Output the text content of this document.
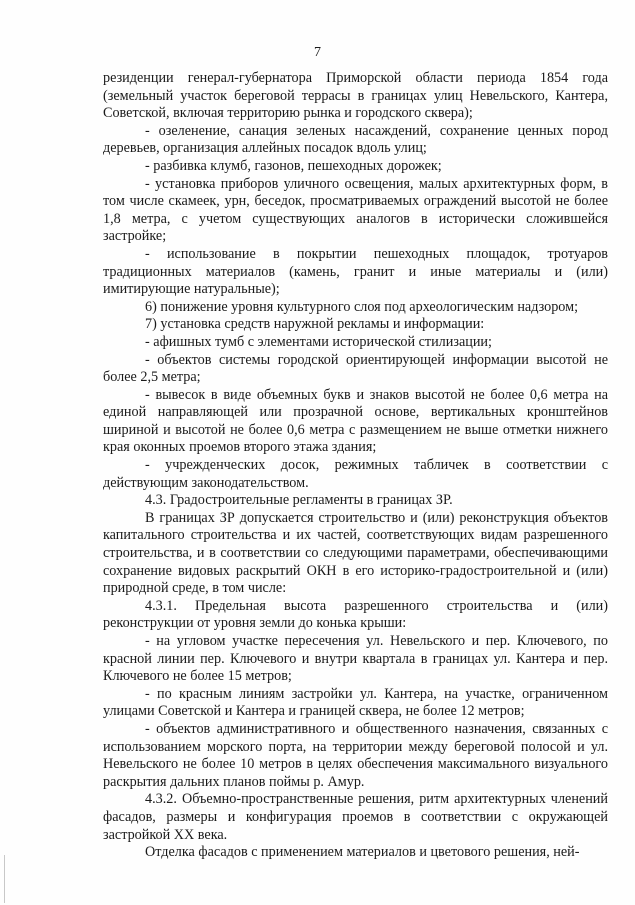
7

резиденции генерал-губернатора Приморской области периода 1854 года (земельный участок береговой террасы в границах улиц Невельского, Кантера, Советской, включая территорию рынка и городского сквера);

- озеленение, санация зеленых насаждений, сохранение ценных пород деревьев, организация аллейных посадок вдоль улиц;

- разбивка клумб, газонов, пешеходных дорожек;

- установка приборов уличного освещения, малых архитектурных форм, в том числе скамеек, урн, беседок, просматриваемых ограждений высотой не более 1,8 метра, с учетом существующих аналогов в исторически сложившейся застройке;

- использование в покрытии пешеходных площадок, тротуаров традиционных материалов (камень, гранит и иные материалы и (или) имитирующие натуральные);

6) понижение уровня культурного слоя под археологическим надзором;

7) установка средств наружной рекламы и информации:

- афишных тумб с элементами исторической стилизации;

- объектов системы городской ориентирующей информации высотой не более 2,5 метра;

- вывесок в виде объемных букв и знаков высотой не более 0,6 метра на единой направляющей или прозрачной основе, вертикальных кронштейнов шириной и высотой не более 0,6 метра с размещением не выше отметки нижнего края оконных проемов второго этажа здания;

- учрежденческих досок, режимных табличек в соответствии с действующим законодательством.

4.3. Градостроительные регламенты в границах ЗР.

В границах ЗР допускается строительство и (или) реконструкция объектов капитального строительства и их частей, соответствующих видам разрешенного строительства, и в соответствии со следующими параметрами, обеспечивающими сохранение видовых раскрытий ОКН в его историко-градостроительной и (или) природной среде, в том числе:

4.3.1. Предельная высота разрешенного строительства и (или) реконструкции от уровня земли до конька крыши:

- на угловом участке пересечения ул. Невельского и пер. Ключевого, по красной линии пер. Ключевого и внутри квартала в границах ул. Кантера и пер. Ключевого не более 15 метров;

- по красным линиям застройки ул. Кантера, на участке, ограниченном улицами Советской и Кантера и границей сквера, не более 12 метров;

- объектов административного и общественного назначения, связанных с использованием морского порта, на территории между береговой полосой и ул. Невельского не более 10 метров в целях обеспечения максимального визуального раскрытия дальних планов поймы р. Амур.

4.3.2. Объемно-пространственные решения, ритм архитектурных членений фасадов, размеры и конфигурация проемов в соответствии с окружающей застройкой XX века.

Отделка фасадов с применением материалов и цветового решения, ней-
